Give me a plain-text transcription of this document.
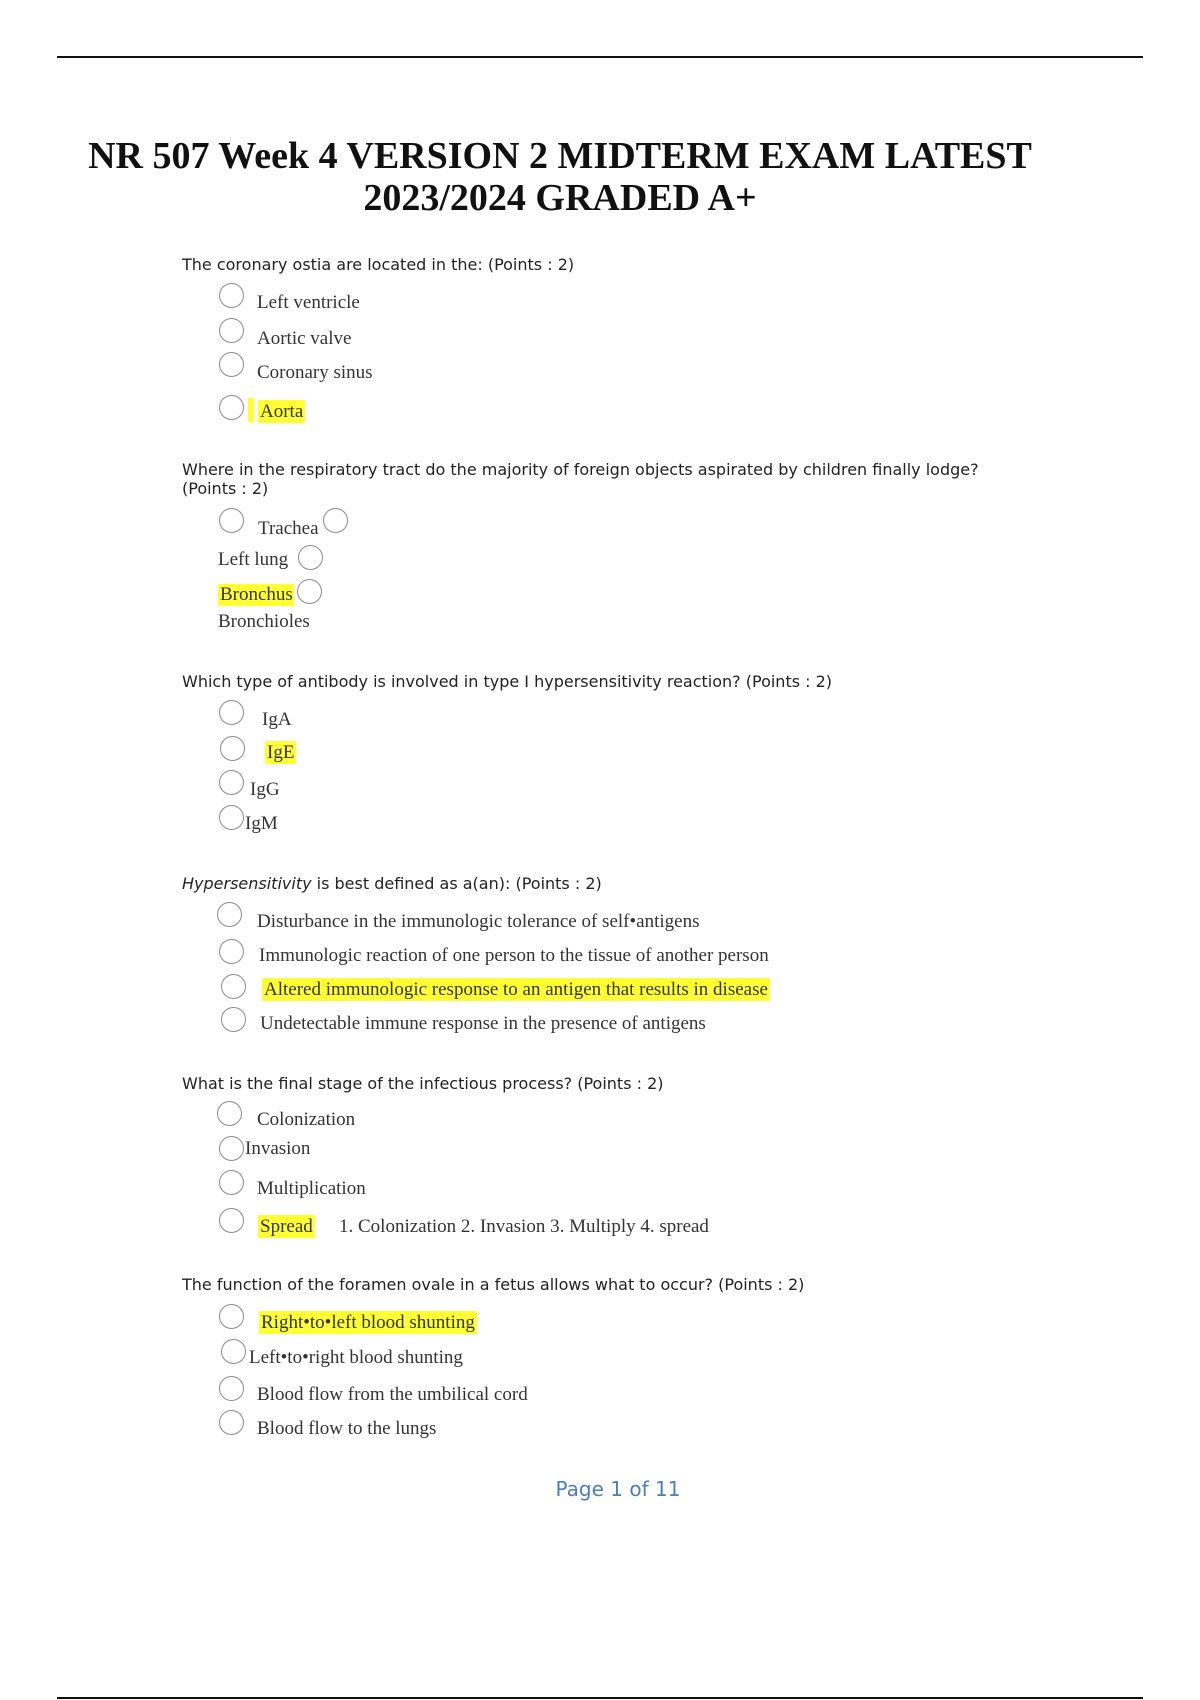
NR 507 Week 4 VERSION 2 MIDTERM EXAM LATEST
2023/2024 GRADED A+
The coronary ostia are located in the: (Points : 2)
Left ventricle
Aortic valve
Coronary sinus
Aorta
Where in the respiratory tract do the majority of foreign objects aspirated by children finally lodge? (Points : 2)
Trachea
Left lung
Bronchus
Bronchioles
Which type of antibody is involved in type I hypersensitivity reaction? (Points : 2)
IgA
IgE
IgG
IgM
Hypersensitivity is best defined as a(an): (Points : 2)
Disturbance in the immunologic tolerance of self•antigens
Immunologic reaction of one person to the tissue of another person
Altered immunologic response to an antigen that results in disease
Undetectable immune response in the presence of antigens
What is the final stage of the infectious process? (Points : 2)
Colonization
Invasion
Multiplication
Spread 1. Colonization 2. Invasion 3. Multiply 4. spread
The function of the foramen ovale in a fetus allows what to occur? (Points : 2)
Right•to•left blood shunting
Left•to•right blood shunting
Blood flow from the umbilical cord
Blood flow to the lungs
Page 1 of 11
